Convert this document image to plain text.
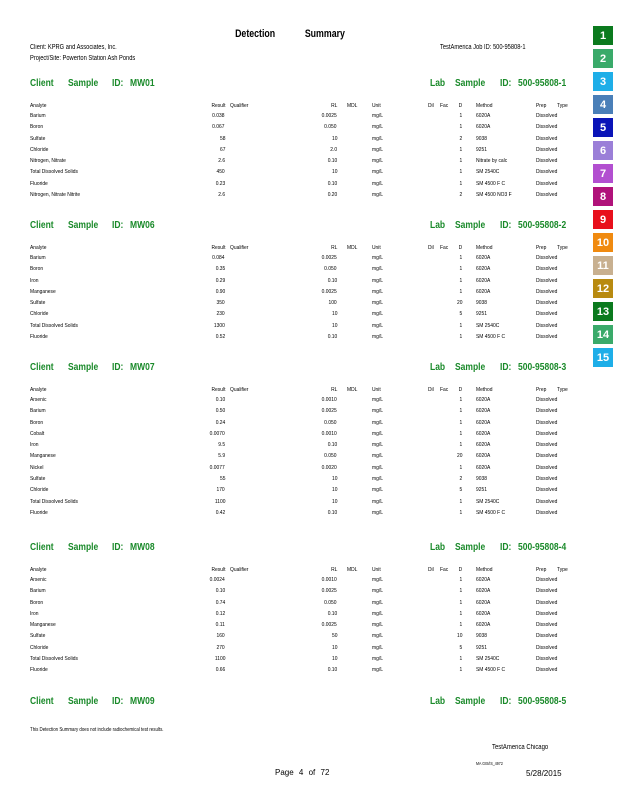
Detection Summary
Client: KPRG and Associates, Inc.
Project/Site: Powerton Station Ash Ponds
TestAmerica Job ID: 500-95808-1
Client Sample ID: MW01	Lab Sample ID: 500-95808-1
Analyte	Result Qualifier	RL MDL	Unit	Dil Fac D Method	Prep Type
Barium	0.038	0.0025	mg/L	1 6020A	Dissolved
Boron	0.067	0.050	mg/L	1 6020A	Dissolved
Sulfate	58	10	mg/L	2 9038	Dissolved
Chloride	67	2.0	mg/L	1 9251	Dissolved
Nitrogen, Nitrate	2.6	0.10	mg/L	1 Nitrate by calc	Dissolved
Total Dissolved Solids	450	10	mg/L	1 SM 2540C	Dissolved
Fluoride	0.23	0.10	mg/L	1 SM 4500 F C	Dissolved
Nitrogen, Nitrate Nitrite	2.6	0.20	mg/L	2 SM 4500 NO3 F	Dissolved
Client Sample ID: MW06	Lab Sample ID: 500-95808-2
Analyte	Result Qualifier	RL MDL	Unit	Dil Fac D Method	Prep Type
Barium	0.084	0.0025	mg/L	1 6020A	Dissolved
Boron	0.35	0.050	mg/L	1 6020A	Dissolved
Iron	0.29	0.10	mg/L	1 6020A	Dissolved
Manganese	0.90	0.0025	mg/L	1 6020A	Dissolved
Sulfate	350	100	mg/L	20 9038	Dissolved
Chloride	230	10	mg/L	5 9251	Dissolved
Total Dissolved Solids	1300	10	mg/L	1 SM 2540C	Dissolved
Fluoride	0.52	0.10	mg/L	1 SM 4500 F C	Dissolved
Client Sample ID: MW07	Lab Sample ID: 500-95808-3
Analyte	Result Qualifier	RL MDL	Unit	Dil Fac D Method	Prep Type
Arsenic	0.10	0.0010	mg/L	1 6020A	Dissolved
Barium	0.50	0.0025	mg/L	1 6020A	Dissolved
Boron	0.24	0.050	mg/L	1 6020A	Dissolved
Cobalt	0.0070	0.0010	mg/L	1 6020A	Dissolved
Iron	9.5	0.10	mg/L	1 6020A	Dissolved
Manganese	5.9	0.050	mg/L	20 6020A	Dissolved
Nickel	0.0077	0.0020	mg/L	1 6020A	Dissolved
Sulfate	55	10	mg/L	2 9038	Dissolved
Chloride	170	10	mg/L	5 9251	Dissolved
Total Dissolved Solids	1100	10	mg/L	1 SM 2540C	Dissolved
Fluoride	0.42	0.10	mg/L	1 SM 4500 F C	Dissolved
Client Sample ID: MW08	Lab Sample ID: 500-95808-4
Analyte	Result Qualifier	RL MDL	Unit	Dil Fac D Method	Prep Type
Arsenic	0.0024	0.0010	mg/L	1 6020A	Dissolved
Barium	0.10	0.0025	mg/L	1 6020A	Dissolved
Boron	0.74	0.050	mg/L	1 6020A	Dissolved
Iron	0.12	0.10	mg/L	1 6020A	Dissolved
Manganese	0.11	0.0025	mg/L	1 6020A	Dissolved
Sulfate	160	50	mg/L	10 9038	Dissolved
Chloride	270	10	mg/L	5 9251	Dissolved
Total Dissolved Solids	1100	10	mg/L	1 SM 2540C	Dissolved
Fluoride	0.66	0.10	mg/L	1 SM 4500 F C	Dissolved
Client Sample ID: MW09	Lab Sample ID: 500-95808-5
1
2
3
4
5
6
7
8
9
10
11
12
13
14
15
This Detection Summary does not include radiochemical test results.
TestAmerica Chicago
MA GIS/IS_4972
Page 4 of 72	5/28/2015
